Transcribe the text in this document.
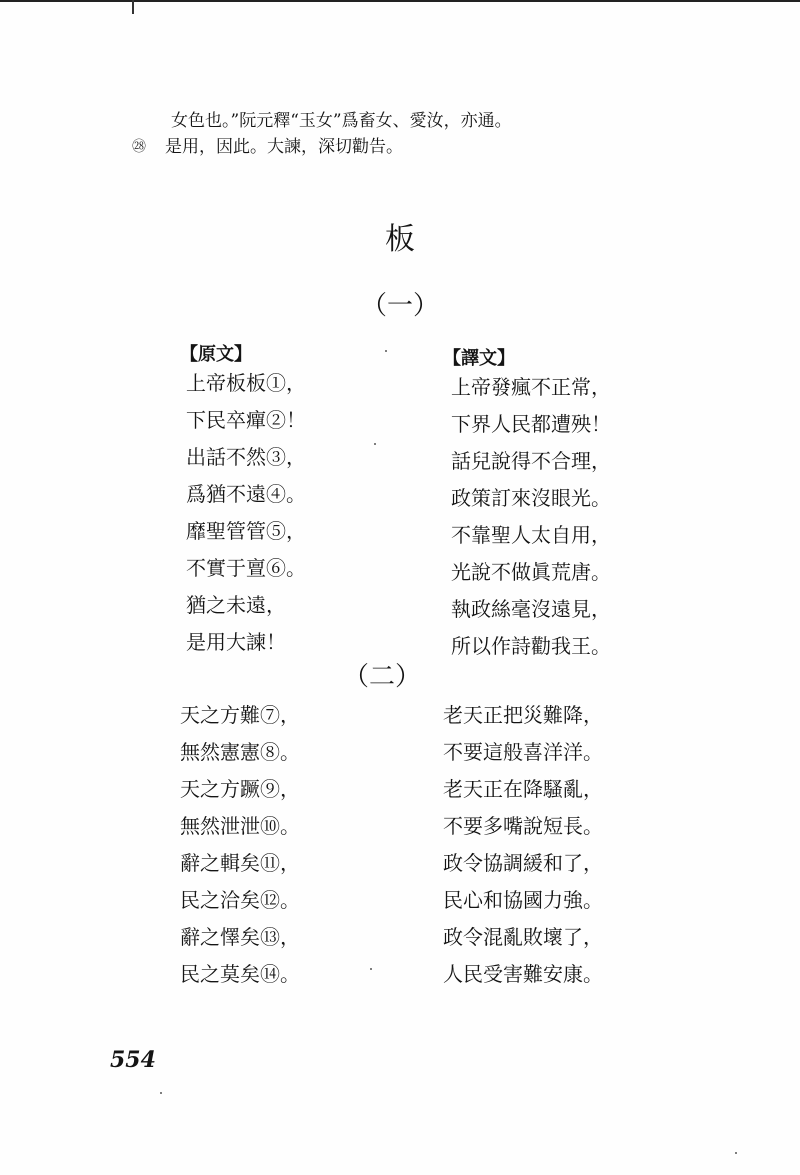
女色也。”阮元釋“玉女”爲畜女、愛汝，亦通。
㉘ 是用，因此。大諫，深切勸告。
板
（一）
【原文】	【譯文】
上帝板板①，
下民卒癉②！
出話不然③，
爲猶不遠④。
靡聖管管⑤，
不實于亶⑥。
猶之未遠，
是用大諫！
上帝發瘋不正常，
下界人民都遭殃！
話兒說得不合理，
政策訂來沒眼光。
不靠聖人太自用，
光說不做眞荒唐。
執政絲毫沒遠見，
所以作詩勸我王。
（二）
天之方難⑦，
無然憲憲⑧。
天之方蹶⑨，
無然泄泄⑩。
辭之輯矣⑪，
民之洽矣⑫。
辭之懌矣⑬，
民之莫矣⑭。
老天正把災難降，
不要這般喜洋洋。
老天正在降騷亂，
不要多嘴說短長。
政令協調緩和了，
民心和協國力強。
政令混亂敗壞了，
人民受害難安康。
554
